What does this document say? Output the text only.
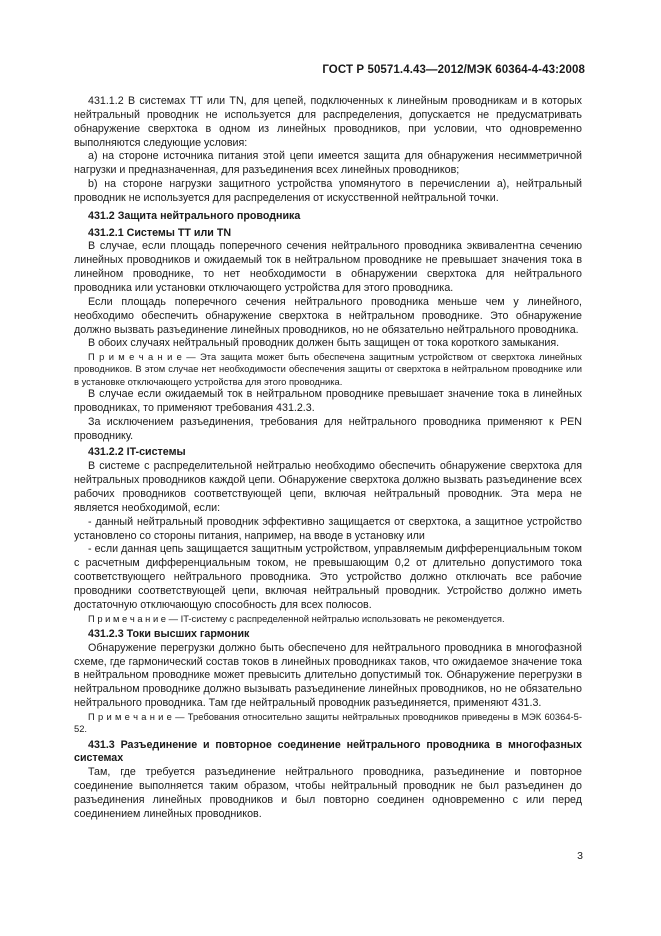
ГОСТ Р 50571.4.43—2012/МЭК 60364-4-43:2008

431.1.2 В системах TT или TN, для цепей, подключенных к линейным проводникам и в которых нейтральный проводник не используется для распределения, допускается не предусматривать обнаружение сверхтока в одном из линейных проводников, при условии, что одновременно выполняются следующие условия:

а) на стороне источника питания этой цепи имеется защита для обнаружения несимметричной нагрузки и предназначенная, для разъединения всех линейных проводников;

b) на стороне нагрузки защитного устройства упомянутого в перечислении а), нейтральный проводник не используется для распределения от искусственной нейтральной точки.

431.2 Защита нейтрального проводника

431.2.1 Системы TT или TN

В случае, если площадь поперечного сечения нейтрального проводника эквивалентна сечению линейных проводников и ожидаемый ток в нейтральном проводнике не превышает значения тока в линейном проводнике, то нет необходимости в обнаружении сверхтока для нейтрального проводника или установки отключающего устройства для этого проводника.

Если площадь поперечного сечения нейтрального проводника меньше чем у линейного, необходимо обеспечить обнаружение сверхтока в нейтральном проводнике. Это обнаружение должно вызвать разъединение линейных проводников, но не обязательно нейтрального проводника.

В обоих случаях нейтральный проводник должен быть защищен от тока короткого замыкания.

П р и м е ч а н и е — Эта защита может быть обеспечена защитным устройством от сверхтока линейных проводников. В этом случае нет необходимости обеспечения защиты от сверхтока в нейтральном проводнике или в установке отключающего устройства для этого проводника.

В случае если ожидаемый ток в нейтральном проводнике превышает значение тока в линейных проводниках, то применяют требования 431.2.3.

За исключением разъединения, требования для нейтрального проводника применяют к PEN проводнику.

431.2.2 IT-системы

В системе с распределительной нейтралью необходимо обеспечить обнаружение сверхтока для нейтральных проводников каждой цепи. Обнаружение сверхтока должно вызвать разъединение всех рабочих проводников соответствующей цепи, включая нейтральный проводник. Эта мера не является необходимой, если:

- данный нейтральный проводник эффективно защищается от сверхтока, а защитное устройство установлено со стороны питания, например, на вводе в установку или

- если данная цепь защищается защитным устройством, управляемым дифференциальным током с расчетным дифференциальным током, не превышающим 0,2 от длительно допустимого тока соответствующего нейтрального проводника. Это устройство должно отключать все рабочие проводники соответствующей цепи, включая нейтральный проводник. Устройство должно иметь достаточную отключающую способность для всех полюсов.

П р и м е ч а н и е — IT-систему с распределенной нейтралью использовать не рекомендуется.

431.2.3 Токи высших гармоник

Обнаружение перегрузки должно быть обеспечено для нейтрального проводника в многофазной схеме, где гармонический состав токов в линейных проводниках таков, что ожидаемое значение тока в нейтральном проводнике может превысить длительно допустимый ток. Обнаружение перегрузки в нейтральном проводнике должно вызывать разъединение линейных проводников, но не обязательно нейтрального проводника. Там где нейтральный проводник разъединяется, применяют 431.3.

П р и м е ч а н и е — Требования относительно защиты нейтральных проводников приведены в МЭК 60364-5-52.

431.3 Разъединение и повторное соединение нейтрального проводника в многофазных системах

Там, где требуется разъединение нейтрального проводника, разъединение и повторное соединение выполняется таким образом, чтобы нейтральный проводник не был разъединен до разъединения линейных проводников и был повторно соединен одновременно с или перед соединением линейных проводников.

3
